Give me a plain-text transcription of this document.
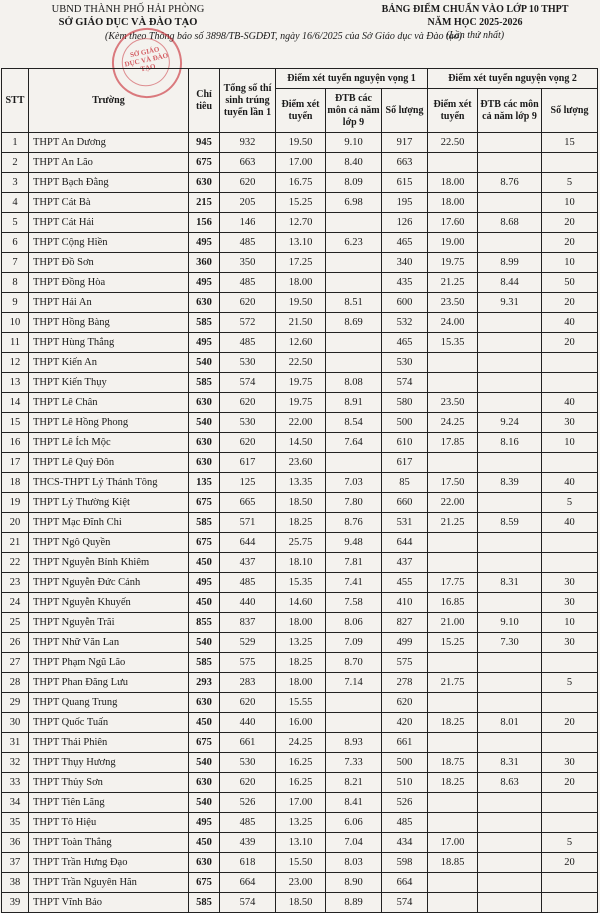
UBND THÀNH PHỐ HẢI PHÒNG
SỞ GIÁO DỤC VÀ ĐÀO TẠO
BẢNG ĐIỂM CHUẨN VÀO LỚP 10 THPT
NĂM HỌC 2025-2026
(Lần thứ nhất)
(Kèm theo Thông báo số 3898/TB-SGDĐT, ngày 16/6/2025 của Sở Giáo dục và Đào tạo)
SỞ GIÁO DỤC VÀ ĐÀO TẠO
STT	Trường	Chỉ tiêu	Tổng số thí sinh trúng tuyển lần 1	Điểm xét tuyển nguyện vọng 1			Điểm xét tuyển nguyện vọng 2		
				Điểm xét tuyển	ĐTB các môn cả năm lớp 9	Số lượng	Điểm xét tuyển	ĐTB các môn cả năm lớp 9	Số lượng
1	THPT An Dương	945	932	19.50	9.10	917	22.50		15
2	THPT An Lão	675	663	17.00	8.40	663			
3	THPT Bạch Đằng	630	620	16.75	8.09	615	18.00	8.76	5
4	THPT Cát Bà	215	205	15.25	6.98	195	18.00		10
5	THPT Cát Hải	156	146	12.70		126	17.60	8.68	20
6	THPT Cộng Hiền	495	485	13.10	6.23	465	19.00		20
7	THPT Đồ Sơn	360	350	17.25		340	19.75	8.99	10
8	THPT Đồng Hòa	495	485	18.00		435	21.25	8.44	50
9	THPT Hải An	630	620	19.50	8.51	600	23.50	9.31	20
10	THPT Hồng Bàng	585	572	21.50	8.69	532	24.00		40
11	THPT Hùng Thắng	495	485	12.60		465	15.35		20
12	THPT Kiến An	540	530	22.50		530			
13	THPT Kiến Thụy	585	574	19.75	8.08	574			
14	THPT Lê Chân	630	620	19.75	8.91	580	23.50		40
15	THPT Lê Hồng Phong	540	530	22.00	8.54	500	24.25	9.24	30
16	THPT Lê Ích Mộc	630	620	14.50	7.64	610	17.85	8.16	10
17	THPT Lê Quý Đôn	630	617	23.60		617			
18	THCS-THPT Lý Thánh Tông	135	125	13.35	7.03	85	17.50	8.39	40
19	THPT Lý Thường Kiệt	675	665	18.50	7.80	660	22.00		5
20	THPT Mạc Đĩnh Chi	585	571	18.25	8.76	531	21.25	8.59	40
21	THPT Ngô Quyền	675	644	25.75	9.48	644			
22	THPT Nguyễn Bỉnh Khiêm	450	437	18.10	7.81	437			
23	THPT Nguyễn Đức Cảnh	495	485	15.35	7.41	455	17.75	8.31	30
24	THPT Nguyễn Khuyến	450	440	14.60	7.58	410	16.85		30
25	THPT Nguyễn Trãi	855	837	18.00	8.06	827	21.00	9.10	10
26	THPT Nhữ Văn Lan	540	529	13.25	7.09	499	15.25	7.30	30
27	THPT Phạm Ngũ Lão	585	575	18.25	8.70	575			
28	THPT Phan Đăng Lưu	293	283	18.00	7.14	278	21.75		5
29	THPT Quang Trung	630	620	15.55		620			
30	THPT Quốc Tuấn	450	440	16.00		420	18.25	8.01	20
31	THPT Thái Phiên	675	661	24.25	8.93	661			
32	THPT Thụy Hương	540	530	16.25	7.33	500	18.75	8.31	30
33	THPT Thủy Sơn	630	620	16.25	8.21	510	18.25	8.63	20
34	THPT Tiên Lãng	540	526	17.00	8.41	526			
35	THPT Tô Hiệu	495	485	13.25	6.06	485			
36	THPT Toàn Thắng	450	439	13.10	7.04	434	17.00		5
37	THPT Trần Hưng Đạo	630	618	15.50	8.03	598	18.85		20
38	THPT Trần Nguyên Hãn	675	664	23.00	8.90	664			
39	THPT Vĩnh Bảo	585	574	18.50	8.89	574			
